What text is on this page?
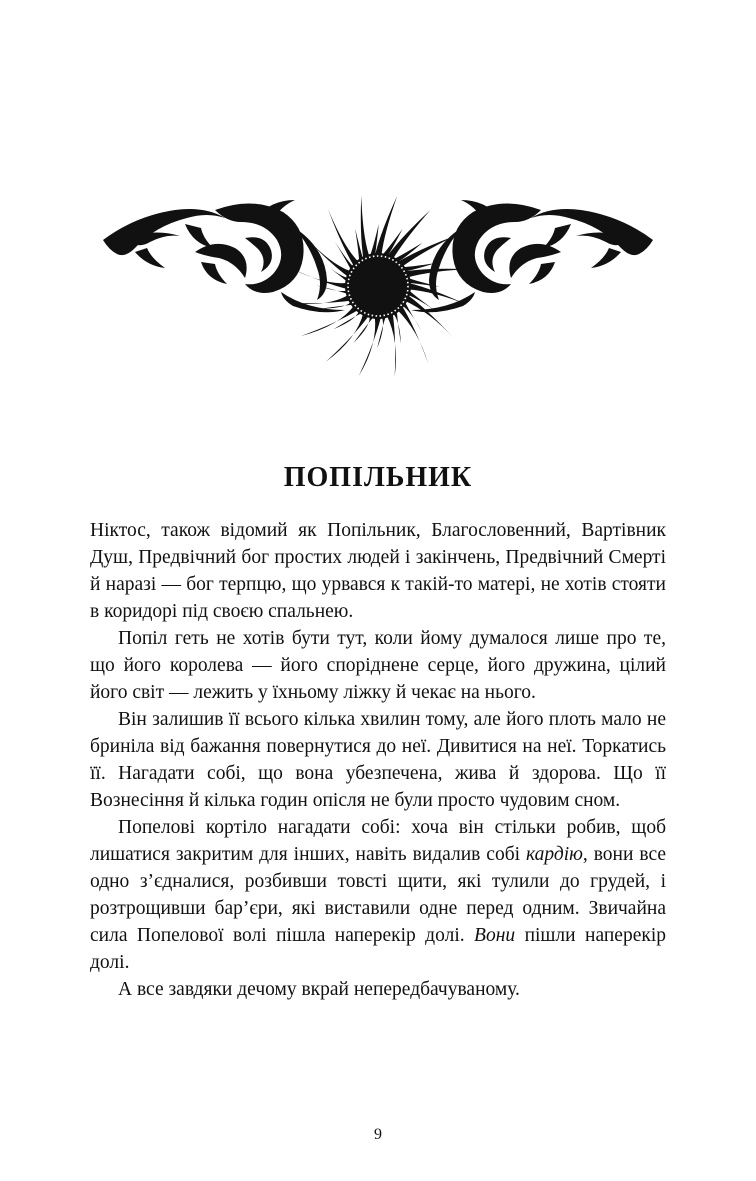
ПОПІЛЬНИК

Ніктос, також відомий як Попільник, Благословенний, Вартівник Душ, Предвічний бог простих людей і закінчень, Предвічний Смерті й наразі — бог терпцю, що урвався к такій-то матері, не хотів стояти в коридорі під своєю спальнею.

Попіл геть не хотів бути тут, коли йому думалося лише про те, що його королева — його споріднене серце, його дружина, цілий його світ — лежить у їхньому ліжку й чекає на нього.

Він залишив її всього кілька хвилин тому, але його плоть мало не бриніла від бажання повернутися до неї. Дивитися на неї. Торкатись її. Нагадати собі, що вона убезпечена, жива й здорова. Що її Вознесіння й кілька годин опісля не були просто чудовим сном.

Попелові кортіло нагадати собі: хоча він стільки робив, щоб лишатися закритим для інших, навіть видалив собі кардію, вони все одно з’єдналися, розбивши товсті щити, які тулили до грудей, і розтрощивши бар’єри, які виставили одне перед одним. Звичайна сила Попелової волі пішла наперекір долі. Вони пішли наперекір долі.

А все завдяки дечому вкрай непередбачуваному.

9
